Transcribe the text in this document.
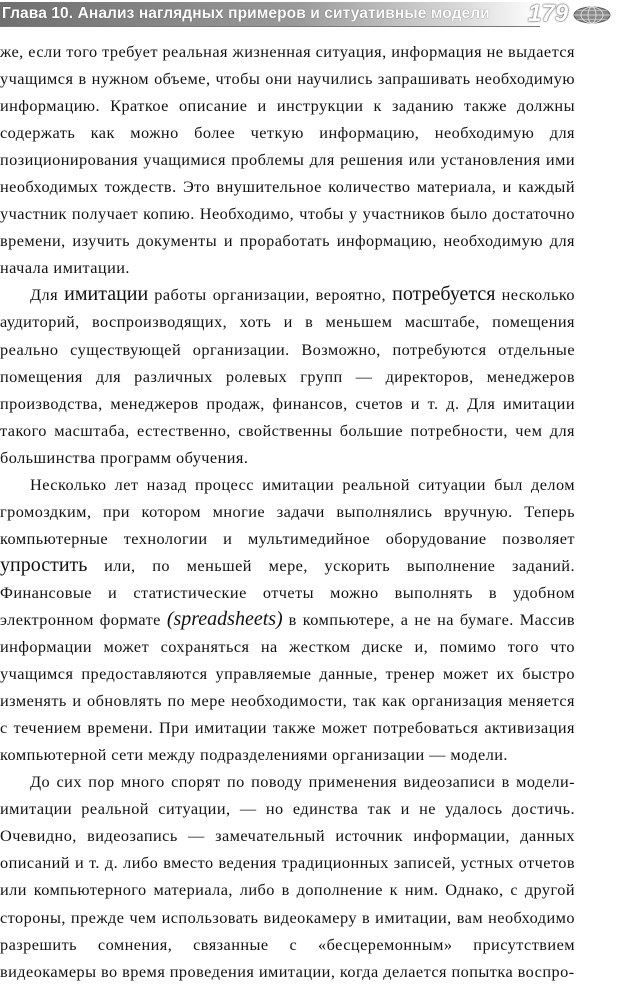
Глава 10. Анализ наглядных примеров и ситуативные модели 179

же, если того требует реальная жизненная ситуация, информация не выдается учащимся в нужном объеме, чтобы они научились запрашивать необходимую информацию. Краткое описание и инструкции к заданию также должны содержать как можно более четкую информацию, необходимую для позиционирования учащимися проблемы для решения или установления ими необходимых тождеств. Это внушительное количество материала, и каждый участник получает копию. Необходимо, чтобы у участников было достаточно времени, изучить документы и проработать информацию, необходимую для начала имитации.

Для имитации работы организации, вероятно, потребуется несколько аудиторий, воспроизводящих, хоть и в меньшем масштабе, помещения реально существующей организации. Возможно, потребуются отдельные помещения для различных ролевых групп — директоров, менеджеров производства, менеджеров продаж, финансов, счетов и т. д. Для имитации такого масштаба, естественно, свойственны большие потребности, чем для большинства программ обучения.

Несколько лет назад процесс имитации реальной ситуации был делом громоздким, при котором многие задачи выполнялись вручную. Теперь компьютерные технологии и мультимедийное оборудование позволяет упростить или, по меньшей мере, ускорить выполнение заданий. Финансовые и статистические отчеты можно выполнять в удобном электронном формате (spreadsheets) в компьютере, а не на бумаге. Массив информации может сохраняться на жестком диске и, помимо того что учащимся предоставляются управляемые данные, тренер может их быстро изменять и обновлять по мере необходимости, так как организация меняется с течением времени. При имитации также может потребоваться активизация компьютерной сети между подразделениями организации — модели.

До сих пор много спорят по поводу применения видеозаписи в модели-имитации реальной ситуации, — но единства так и не удалось достичь. Очевидно, видеозапись — замечательный источник информации, данных описаний и т. д. либо вместо ведения традиционных записей, устных отчетов или компьютерного материала, либо в дополнение к ним. Однако, с другой стороны, прежде чем использовать видеокамеру в имитации, вам необходимо разрешить сомнения, связанные с «бесцеремонным» присутствием видеокамеры во время проведения имитации, когда делается попытка воспро-
